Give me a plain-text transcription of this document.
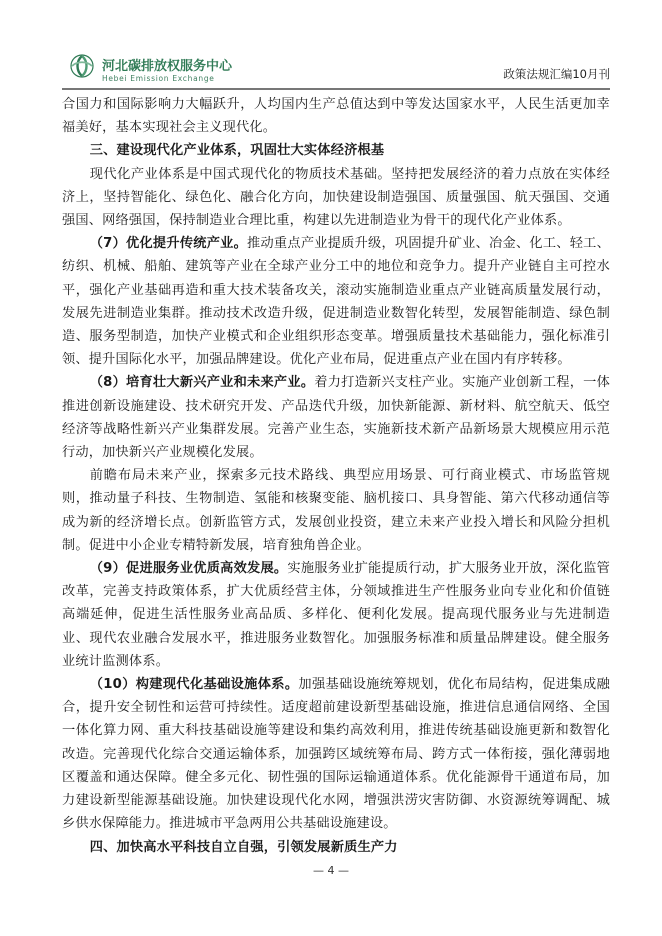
河北碳排放权服务中心
Hebei Emission Exchange	政策法规汇编10月刊

合国力和国际影响力大幅跃升，人均国内生产总值达到中等发达国家水平，人民生活更加幸福美好，基本实现社会主义现代化。

三、建设现代化产业体系，巩固壮大实体经济根基

现代化产业体系是中国式现代化的物质技术基础。坚持把发展经济的着力点放在实体经济上，坚持智能化、绿色化、融合化方向，加快建设制造强国、质量强国、航天强国、交通强国、网络强国，保持制造业合理比重，构建以先进制造业为骨干的现代化产业体系。

（7）优化提升传统产业。推动重点产业提质升级，巩固提升矿业、冶金、化工、轻工、纺织、机械、船舶、建筑等产业在全球产业分工中的地位和竞争力。提升产业链自主可控水平，强化产业基础再造和重大技术装备攻关，滚动实施制造业重点产业链高质量发展行动，发展先进制造业集群。推动技术改造升级，促进制造业数智化转型，发展智能制造、绿色制造、服务型制造，加快产业模式和企业组织形态变革。增强质量技术基础能力，强化标准引领、提升国际化水平，加强品牌建设。优化产业布局，促进重点产业在国内有序转移。

（8）培育壮大新兴产业和未来产业。着力打造新兴支柱产业。实施产业创新工程，一体推进创新设施建设、技术研究开发、产品迭代升级，加快新能源、新材料、航空航天、低空经济等战略性新兴产业集群发展。完善产业生态，实施新技术新产品新场景大规模应用示范行动，加快新兴产业规模化发展。

前瞻布局未来产业，探索多元技术路线、典型应用场景、可行商业模式、市场监管规则，推动量子科技、生物制造、氢能和核聚变能、脑机接口、具身智能、第六代移动通信等成为新的经济增长点。创新监管方式，发展创业投资，建立未来产业投入增长和风险分担机制。促进中小企业专精特新发展，培育独角兽企业。

（9）促进服务业优质高效发展。实施服务业扩能提质行动，扩大服务业开放，深化监管改革，完善支持政策体系，扩大优质经营主体，分领域推进生产性服务业向专业化和价值链高端延伸，促进生活性服务业高品质、多样化、便利化发展。提高现代服务业与先进制造业、现代农业融合发展水平，推进服务业数智化。加强服务标准和质量品牌建设。健全服务业统计监测体系。

（10）构建现代化基础设施体系。加强基础设施统筹规划，优化布局结构，促进集成融合，提升安全韧性和运营可持续性。适度超前建设新型基础设施，推进信息通信网络、全国一体化算力网、重大科技基础设施等建设和集约高效利用，推进传统基础设施更新和数智化改造。完善现代化综合交通运输体系，加强跨区域统筹布局、跨方式一体衔接，强化薄弱地区覆盖和通达保障。健全多元化、韧性强的国际运输通道体系。优化能源骨干通道布局，加力建设新型能源基础设施。加快建设现代化水网，增强洪涝灾害防御、水资源统筹调配、城乡供水保障能力。推进城市平急两用公共基础设施建设。

四、加快高水平科技自立自强，引领发展新质生产力

— 4 —
